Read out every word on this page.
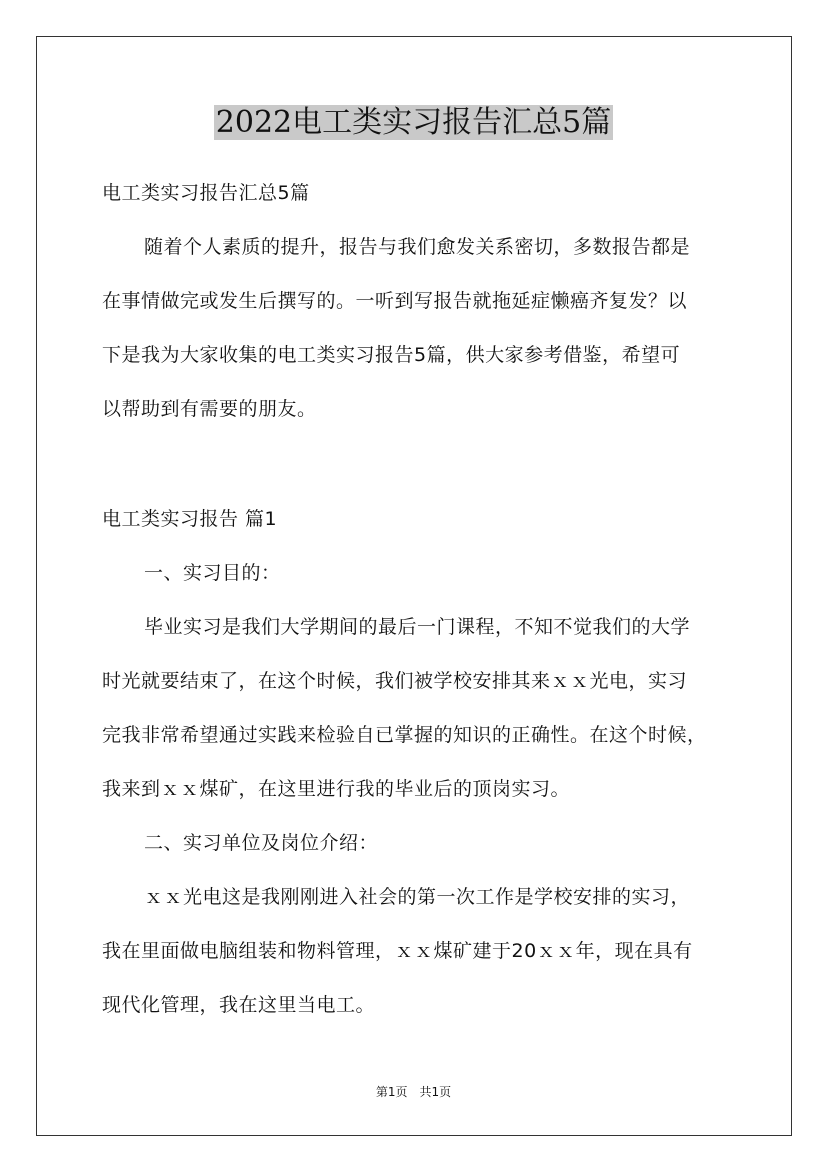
2022电工类实习报告汇总5篇
电工类实习报告汇总5篇
随着个人素质的提升，报告与我们愈发关系密切，多数报告都是
在事情做完或发生后撰写的。一听到写报告就拖延症懒癌齐复发？以
下是我为大家收集的电工类实习报告5篇，供大家参考借鉴，希望可
以帮助到有需要的朋友。
电工类实习报告 篇1
一、实习目的：
毕业实习是我们大学期间的最后一门课程，不知不觉我们的大学
时光就要结束了，在这个时候，我们被学校安排其来ｘｘ光电，实习
完我非常希望通过实践来检验自已掌握的知识的正确性。在这个时候，
我来到ｘｘ煤矿，在这里进行我的毕业后的顶岗实习。
二、实习单位及岗位介绍：
ｘｘ光电这是我刚刚进入社会的第一次工作是学校安排的实习，
我在里面做电脑组装和物料管理，ｘｘ煤矿建于20ｘｘ年，现在具有
现代化管理，我在这里当电工。
第1页　共1页
